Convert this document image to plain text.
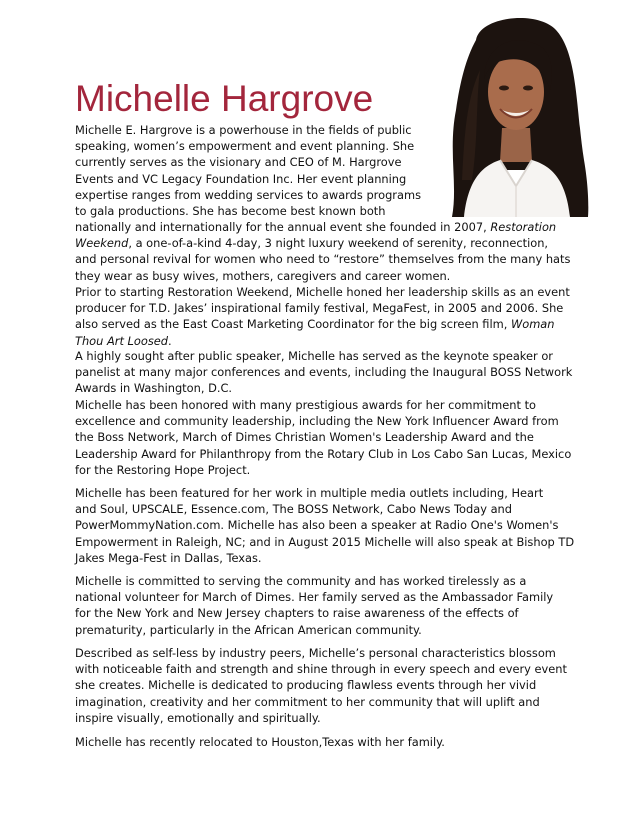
Michelle Hargrove
Michelle E. Hargrove is a powerhouse in the fields of public
speaking, women’s empowerment and event planning. She
currently serves as the visionary and CEO of M. Hargrove
Events and VC Legacy Foundation Inc. Her event planning
expertise ranges from wedding services to awards programs
to gala productions. She has become best known both
nationally and internationally for the annual event she founded in 2007, Restoration
Weekend, a one-of-a-kind 4-day, 3 night luxury weekend of serenity, reconnection,
and personal revival for women who need to “restore” themselves from the many hats
they wear as busy wives, mothers, caregivers and career women.
Prior to starting Restoration Weekend, Michelle honed her leadership skills as an event
producer for T.D. Jakes’ inspirational family festival, MegaFest, in 2005 and 2006. She
also served as the East Coast Marketing Coordinator for the big screen film, Woman
Thou Art Loosed.
A highly sought after public speaker, Michelle has served as the keynote speaker or
panelist at many major conferences and events, including the Inaugural BOSS Network
Awards in Washington, D.C.
Michelle has been honored with many prestigious awards for her commitment to
excellence and community leadership, including the New York Influencer Award from
the Boss Network, March of Dimes Christian Women's Leadership Award and the
Leadership Award for Philanthropy from the Rotary Club in Los Cabo San Lucas, Mexico
for the Restoring Hope Project.
Michelle has been featured for her work in multiple media outlets including, Heart
and Soul, UPSCALE, Essence.com, The BOSS Network, Cabo News Today and
PowerMommyNation.com. Michelle has also been a speaker at Radio One's Women's
Empowerment in Raleigh, NC; and in August 2015 Michelle will also speak at Bishop TD
Jakes Mega-Fest in Dallas, Texas.
Michelle is committed to serving the community and has worked tirelessly as a
national volunteer for March of Dimes. Her family served as the Ambassador Family
for the New York and New Jersey chapters to raise awareness of the effects of
prematurity, particularly in the African American community.
Described as self-less by industry peers, Michelle’s personal characteristics blossom
with noticeable faith and strength and shine through in every speech and every event
she creates. Michelle is dedicated to producing flawless events through her vivid
imagination, creativity and her commitment to her community that will uplift and
inspire visually, emotionally and spiritually.
Michelle has recently relocated to Houston,Texas with her family.
